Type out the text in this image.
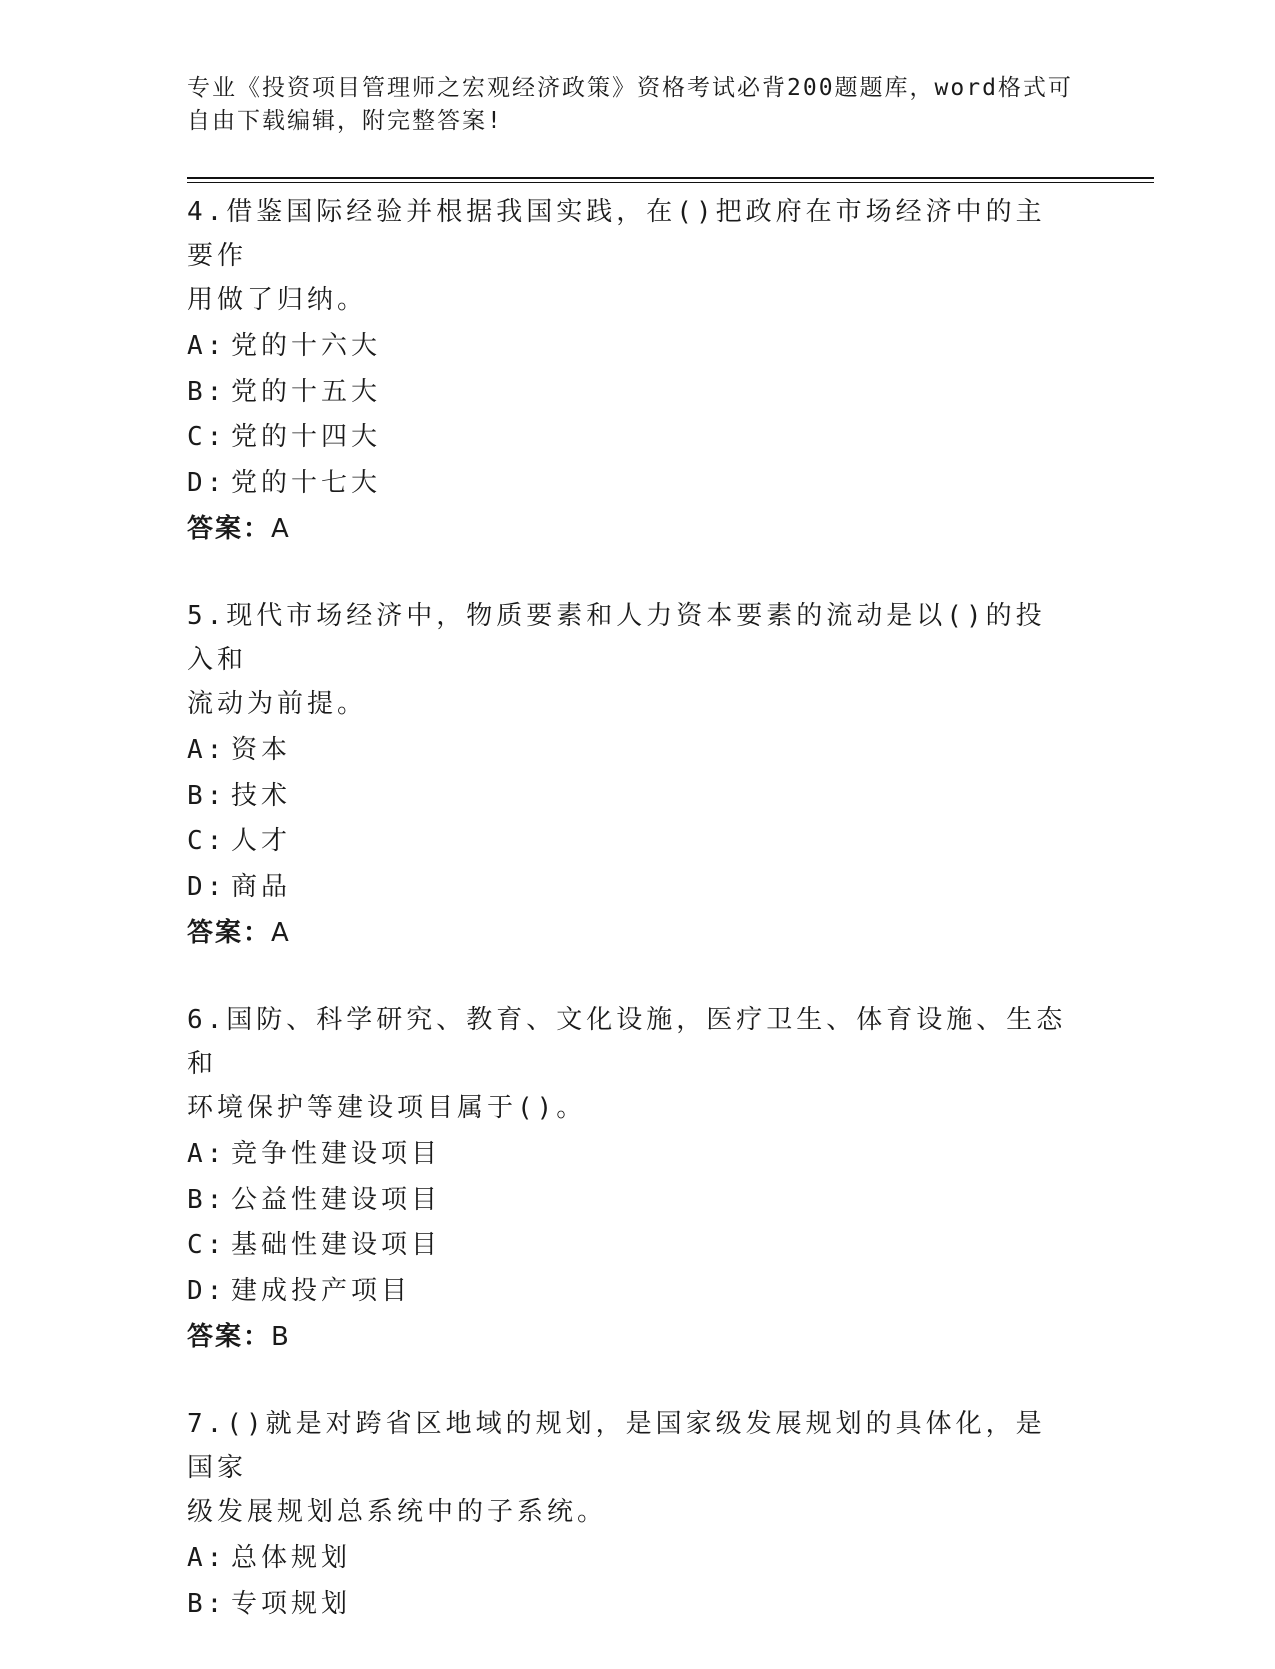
专业《投资项目管理师之宏观经济政策》资格考试必背200题题库，word格式可
自由下载编辑，附完整答案!
4.借鉴国际经验并根据我国实践，在()把政府在市场经济中的主要作
用做了归纳。
A: 党的十六大
B: 党的十五大
C: 党的十四大
D: 党的十七大
答案：A
5.现代市场经济中，物质要素和人力资本要素的流动是以()的投入和
流动为前提。
A: 资本
B: 技术
C: 人才
D: 商品
答案：A
6.国防、科学研究、教育、文化设施，医疗卫生、体育设施、生态和
环境保护等建设项目属于()。
A: 竞争性建设项目
B: 公益性建设项目
C: 基础性建设项目
D: 建成投产项目
答案：B
7.()就是对跨省区地域的规划，是国家级发展规划的具体化，是国家
级发展规划总系统中的子系统。
A: 总体规划
B: 专项规划
